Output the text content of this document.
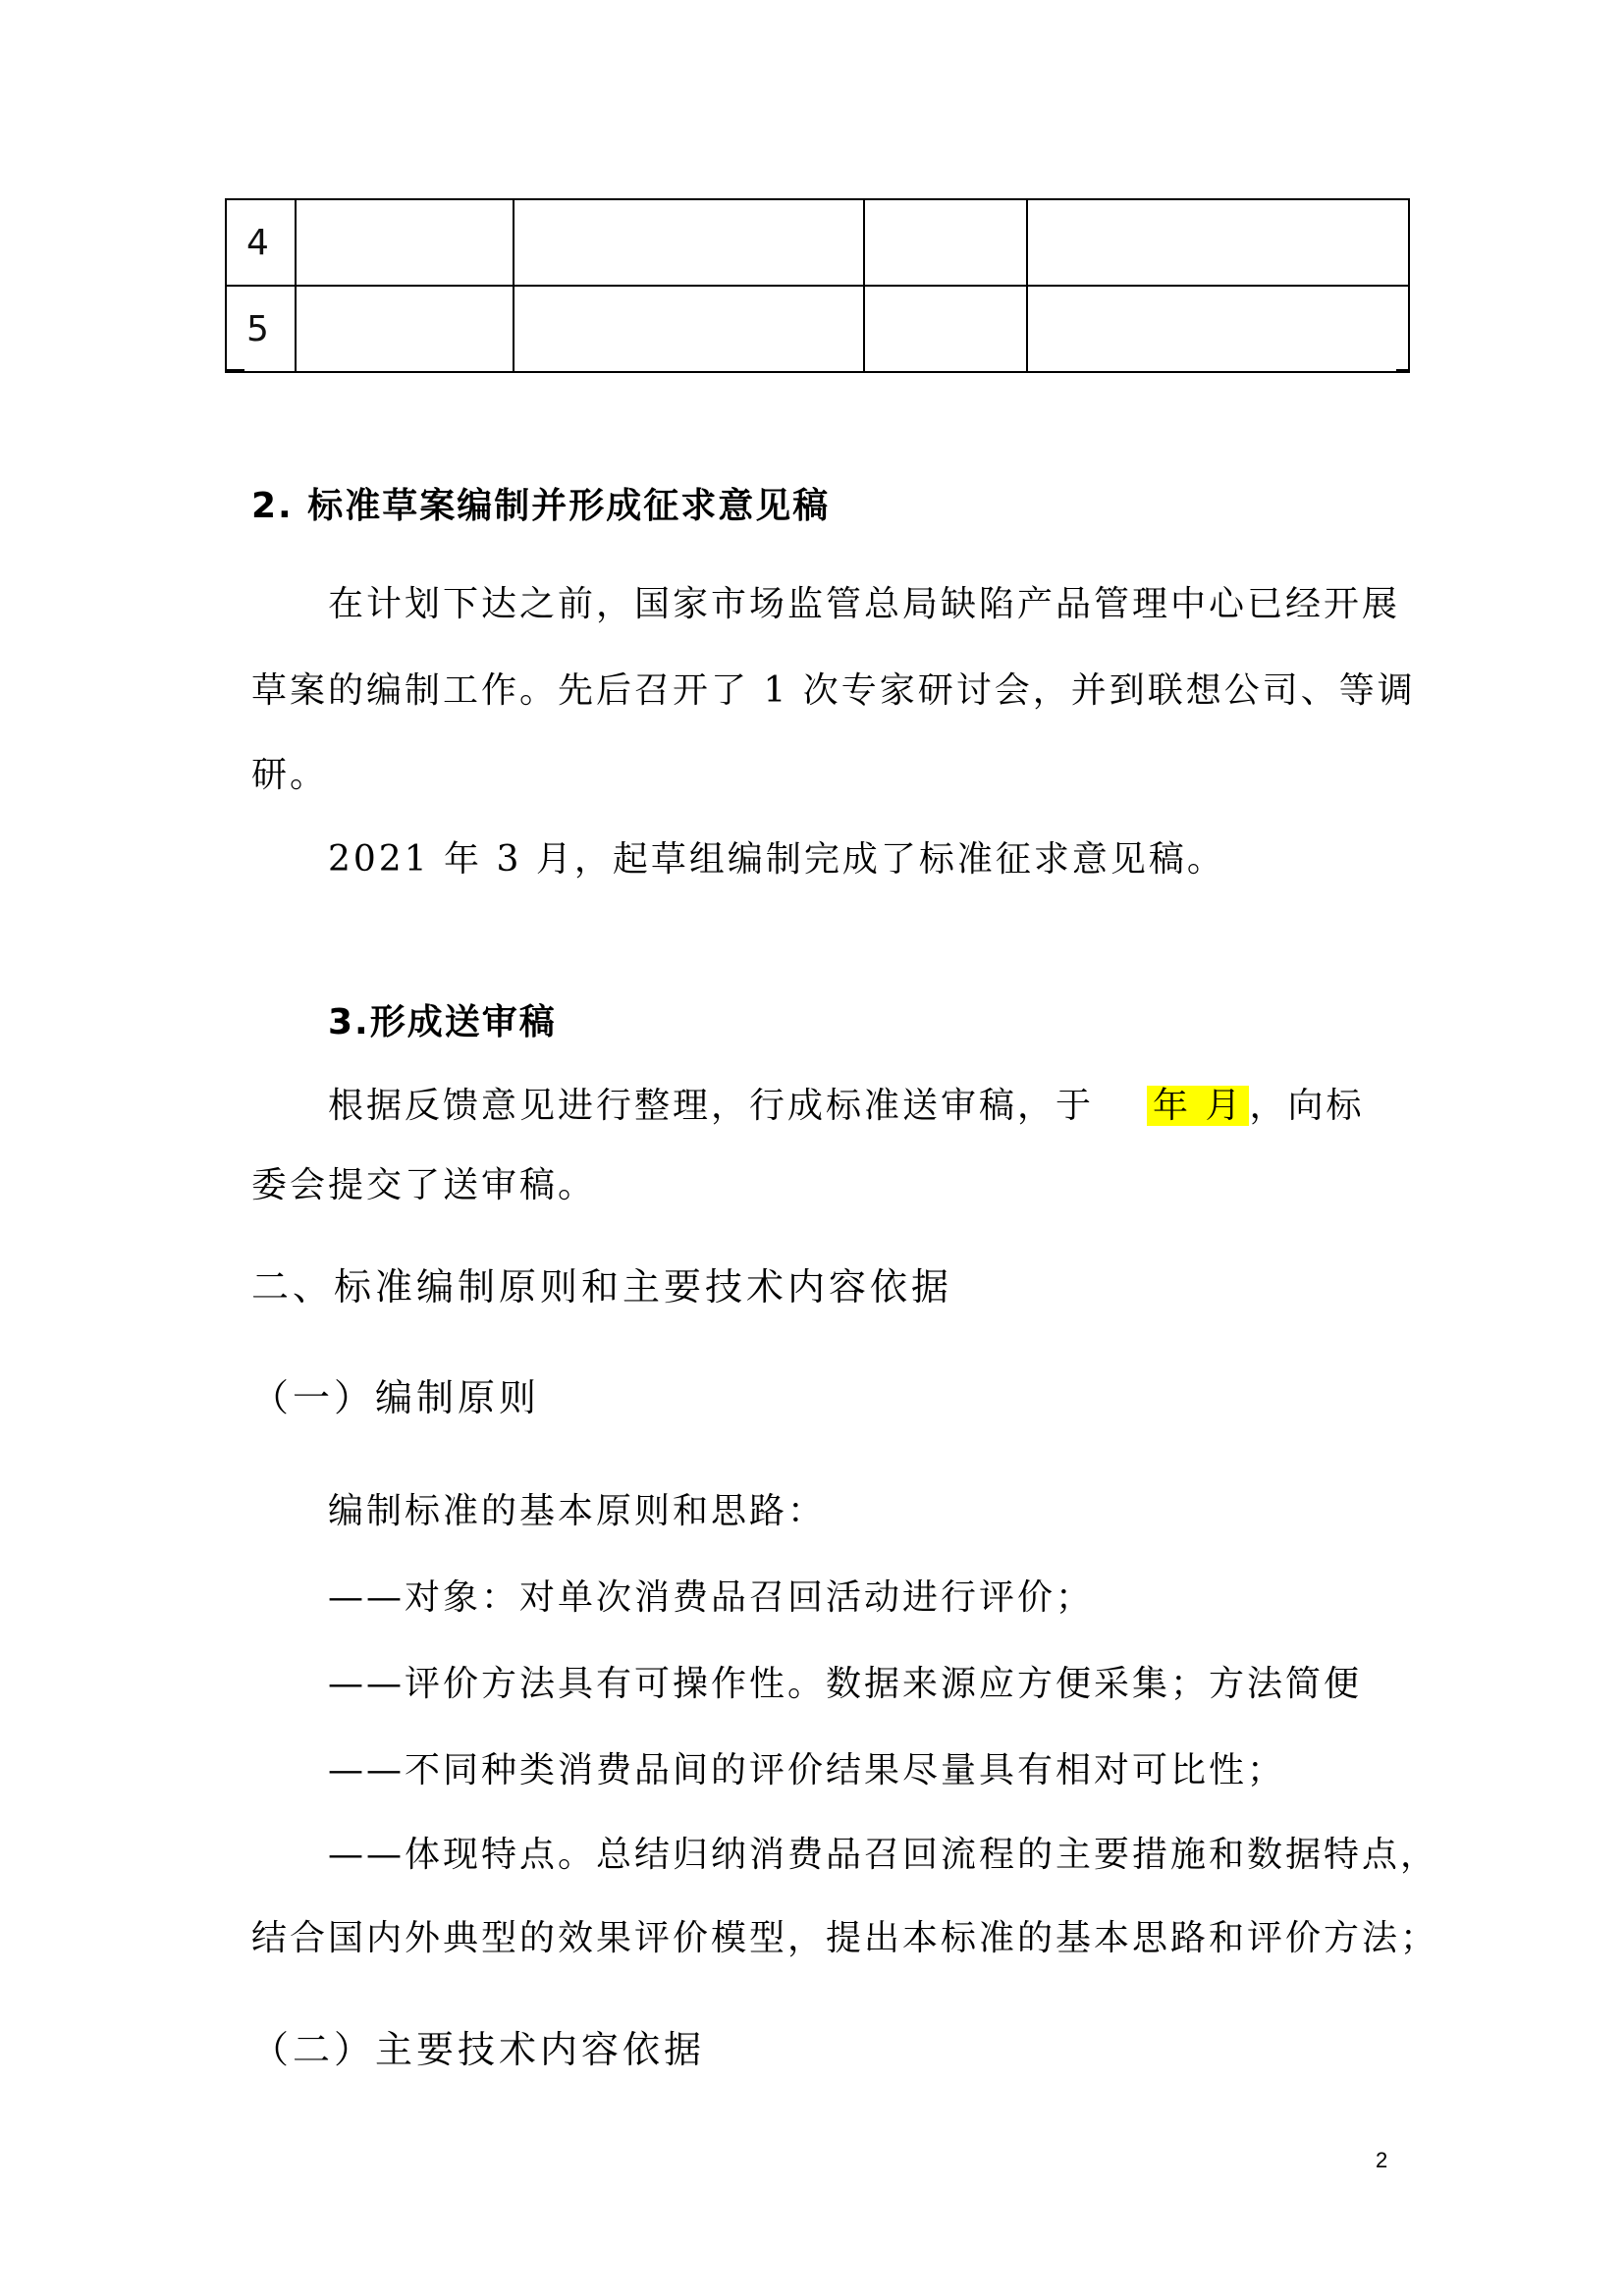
4				
5				
2. 标准草案编制并形成征求意见稿
在计划下达之前，国家市场监管总局缺陷产品管理中心已经开展
草案的编制工作。先后召开了 1 次专家研讨会，并到联想公司、等调
研。
2021 年 3 月，起草组编制完成了标准征求意见稿。
3.形成送审稿
根据反馈意见进行整理，行成标准送审稿，于 年 月 ，向标
委会提交了送审稿。
二、标准编制原则和主要技术内容依据
（一）编制原则
编制标准的基本原则和思路：
——对象：对单次消费品召回活动进行评价；
——评价方法具有可操作性。数据来源应方便采集；方法简便
——不同种类消费品间的评价结果尽量具有相对可比性；
——体现特点。总结归纳消费品召回流程的主要措施和数据特点，
结合国内外典型的效果评价模型，提出本标准的基本思路和评价方法；
（二）主要技术内容依据
2
